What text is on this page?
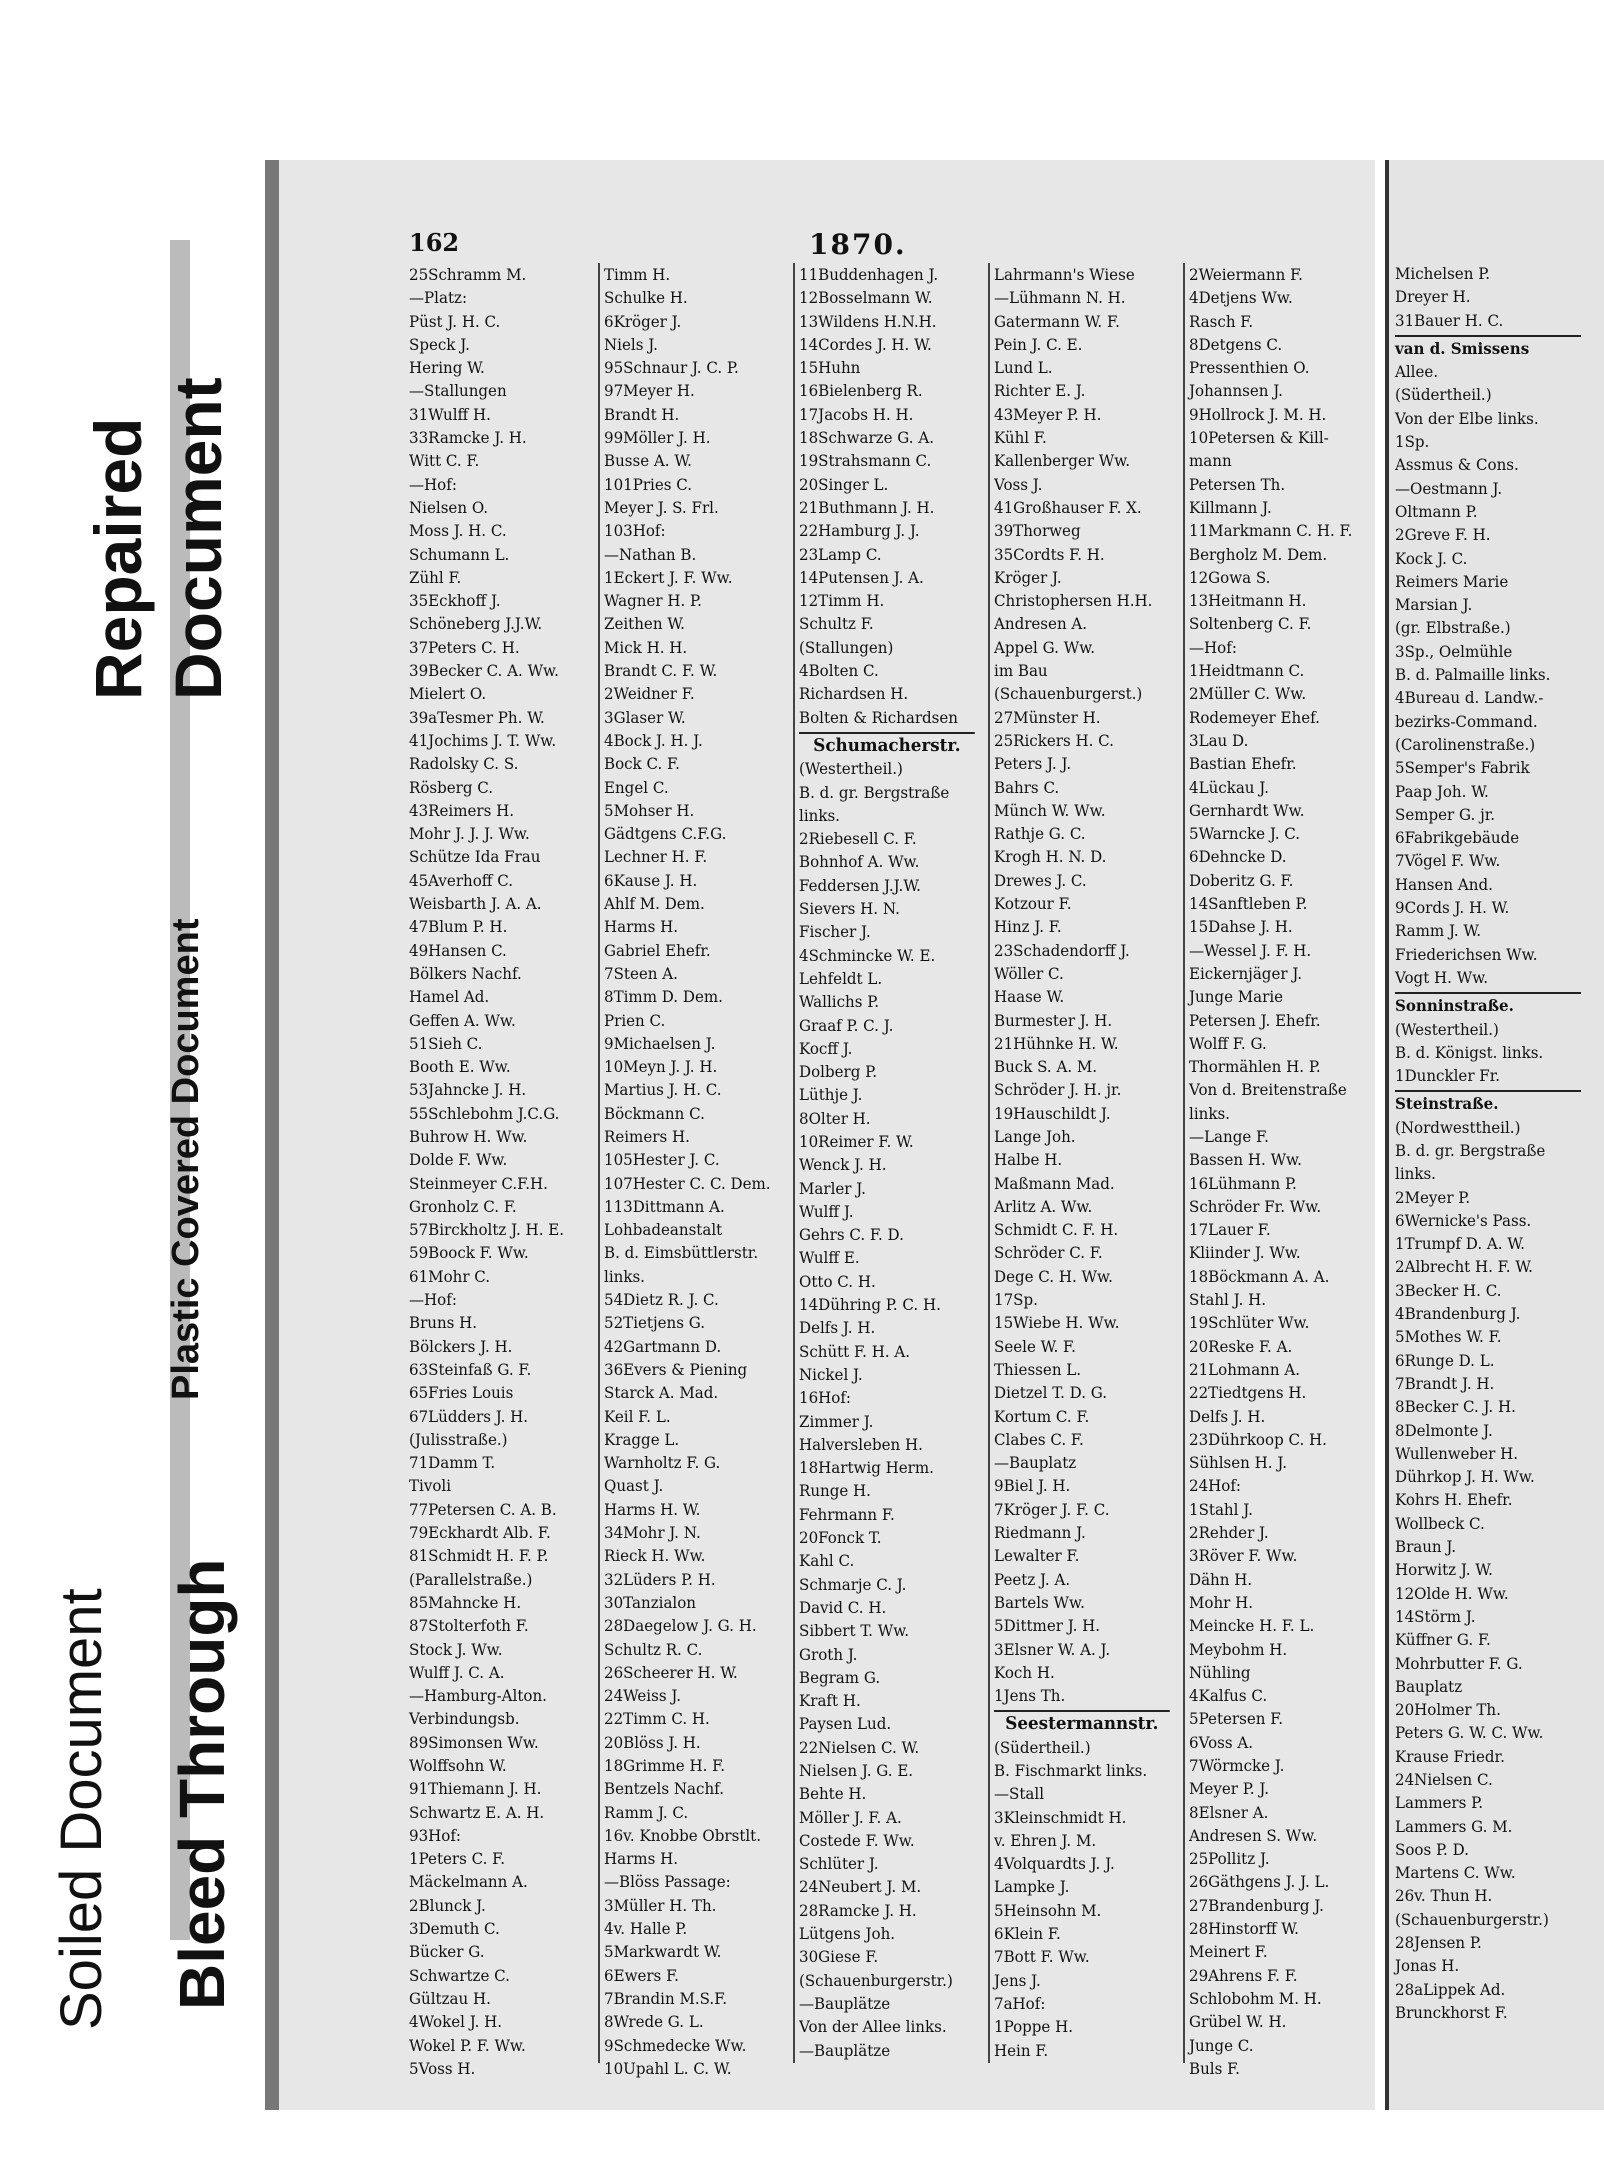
Soiled Document Bleed Through
Plastic Covered Document
Repaired Document
162	1870.
25Schramm M.
—Platz:
Püst J. H. C.
Speck J.
Hering W.
—Stallungen
31Wulff H.
33Ramcke J. H.
Witt C. F.
—Hof:
Nielsen O.
Moss J. H. C.
Schumann L.
Zühl F.
35Eckhoff J.
Schöneberg J.J.W.
37Peters C. H.
39Becker C. A. Ww.
Mielert O.
39aTesmer Ph. W.
41Jochims J. T. Ww.
Radolsky C. S.
Rösberg C.
43Reimers H.
Mohr J. J. J. Ww.
Schütze Ida Frau
45Averhoff C.
Weisbarth J. A. A.
47Blum P. H.
49Hansen C.
Bölkers Nachf.
Hamel Ad.
Geffen A. Ww.
51Sieh C.
Booth E. Ww.
53Jahncke J. H.
55Schlebohm J.C.G.
Buhrow H. Ww.
Dolde F. Ww.
Steinmeyer C.F.H.
Gronholz C. F.
57Birckholtz J. H. E.
59Boock F. Ww.
61Mohr C.
—Hof:
Bruns H.
Bölckers J. H.
63Steinfaß G. F.
65Fries Louis
67Lüdders J. H.
(Julisstraße.)
71Damm T.
Tivoli
77Petersen C. A. B.
79Eckhardt Alb. F.
81Schmidt H. F. P.
(Parallelstraße.)
85Mahncke H.
87Stolterfoth F.
Stock J. Ww.
Wulff J. C. A.
—Hamburg-Alton.
Verbindungsb.
89Simonsen Ww.
Wolffsohn W.
91Thiemann J. H.
Schwartz E. A. H.
93Hof:
1Peters C. F.
Mäckelmann A.
2Blunck J.
3Demuth C.
Bücker G.
Schwartze C.
Gültzau H.
4Wokel J. H.
Wokel P. F. Ww.
5Voss H.
Timm H.
Schulke H.
6Kröger J.
Niels J.
95Schnaur J. C. P.
97Meyer H.
Brandt H.
99Möller J. H.
Busse A. W.
101Pries C.
Meyer J. S. Frl.
103Hof:
—Nathan B.
1Eckert J. F. Ww.
Wagner H. P.
Zeithen W.
Mick H. H.
Brandt C. F. W.
2Weidner F.
3Glaser W.
4Bock J. H. J.
Bock C. F.
Engel C.
5Mohser H.
Gädtgens C.F.G.
Lechner H. F.
6Kause J. H.
Ahlf M. Dem.
Harms H.
Gabriel Ehefr.
7Steen A.
8Timm D. Dem.
Prien C.
9Michaelsen J.
10Meyn J. J. H.
Martius J. H. C.
Böckmann C.
Reimers H.
105Hester J. C.
107Hester C. C. Dem.
113Dittmann A.
Lohbadeanstalt
B. d. Eimsbüttlerstr.
links.
54Dietz R. J. C.
52Tietjens G.
42Gartmann D.
36Evers & Piening
Starck A. Mad.
Keil F. L.
Kragge L.
Warnholtz F. G.
Quast J.
Harms H. W.
34Mohr J. N.
Rieck H. Ww.
32Lüders P. H.
30Tanzialon
28Daegelow J. G. H.
Schultz R. C.
26Scheerer H. W.
24Weiss J.
22Timm C. H.
20Blöss J. H.
18Grimme H. F.
Bentzels Nachf.
Ramm J. C.
16v. Knobbe Obrstlt.
Harms H.
—Blöss Passage:
3Müller H. Th.
4v. Halle P.
5Markwardt W.
6Ewers F.
7Brandin M.S.F.
8Wrede G. L.
9Schmedecke Ww.
10Upahl L. C. W.
11Buddenhagen J.
12Bosselmann W.
13Wildens H.N.H.
14Cordes J. H. W.
15Huhn
16Bielenberg R.
17Jacobs H. H.
18Schwarze G. A.
19Strahsmann C.
20Singer L.
21Buthmann J. H.
22Hamburg J. J.
23Lamp C.
14Putensen J. A.
12Timm H.
Schultz F.
(Stallungen)
4Bolten C.
Richardsen H.
Bolten & Richardsen
Schumacherstr.
(Westertheil.)
B. d. gr. Bergstraße
links.
2Riebesell C. F.
Bohnhof A. Ww.
Feddersen J.J.W.
Sievers H. N.
Fischer J.
4Schmincke W. E.
Lehfeldt L.
Wallichs P.
Graaf P. C. J.
Kocff J.
Dolberg P.
Lüthje J.
8Olter H.
10Reimer F. W.
Wenck J. H.
Marler J.
Wulff J.
Gehrs C. F. D.
Wulff E.
Otto C. H.
14Dühring P. C. H.
Delfs J. H.
Schütt F. H. A.
Nickel J.
16Hof:
Zimmer J.
Halversleben H.
18Hartwig Herm.
Runge H.
Fehrmann F.
20Fonck T.
Kahl C.
Schmarje C. J.
David C. H.
Sibbert T. Ww.
Groth J.
Begram G.
Kraft H.
Paysen Lud.
22Nielsen C. W.
Nielsen J. G. E.
Behte H.
Möller J. F. A.
Costede F. Ww.
Schlüter J.
24Neubert J. M.
28Ramcke J. H.
Lütgens Joh.
30Giese F.
(Schauenburgerstr.)
—Bauplätze
Von der Allee links.
—Bauplätze
Lahrmann's Wiese
—Lühmann N. H.
Gatermann W. F.
Pein J. C. E.
Lund L.
Richter E. J.
43Meyer P. H.
Kühl F.
Kallenberger Ww.
Voss J.
41Großhauser F. X.
39Thorweg
35Cordts F. H.
Kröger J.
Christophersen H.H.
Andresen A.
Appel G. Ww.
im Bau
(Schauenburgerst.)
27Münster H.
25Rickers H. C.
Peters J. J.
Bahrs C.
Münch W. Ww.
Rathje G. C.
Krogh H. N. D.
Drewes J. C.
Kotzour F.
Hinz J. F.
23Schadendorff J.
Wöller C.
Haase W.
Burmester J. H.
21Hühnke H. W.
Buck S. A. M.
Schröder J. H. jr.
19Hauschildt J.
Lange Joh.
Halbe H.
Maßmann Mad.
Arlitz A. Ww.
Schmidt C. F. H.
Schröder C. F.
Dege C. H. Ww.
17Sp.
15Wiebe H. Ww.
Seele W. F.
Thiessen L.
Dietzel T. D. G.
Kortum C. F.
Clabes C. F.
—Bauplatz
9Biel J. H.
7Kröger J. F. C.
Riedmann J.
Lewalter F.
Peetz J. A.
Bartels Ww.
5Dittmer J. H.
3Elsner W. A. J.
Koch H.
1Jens Th.
Seestermannstr.
(Südertheil.)
B. Fischmarkt links.
—Stall
3Kleinschmidt H.
v. Ehren J. M.
4Volquardts J. J.
Lampke J.
5Heinsohn M.
6Klein F.
7Bott F. Ww.
Jens J.
7aHof:
1Poppe H.
Hein F.
2Weiermann F.
4Detjens Ww.
Rasch F.
8Detgens C.
Pressenthien O.
Johannsen J.
9Hollrock J. M. H.
10Petersen & Kill-
mann
Petersen Th.
Killmann J.
11Markmann C. H. F.
Bergholz M. Dem.
12Gowa S.
13Heitmann H.
Soltenberg C. F.
—Hof:
1Heidtmann C.
2Müller C. Ww.
Rodemeyer Ehef.
3Lau D.
Bastian Ehefr.
4Lückau J.
Gernhardt Ww.
5Warncke J. C.
6Dehncke D.
Doberitz G. F.
14Sanftleben P.
15Dahse J. H.
—Wessel J. F. H.
Eickernjäger J.
Junge Marie
Petersen J. Ehefr.
Wolff F. G.
Thormählen H. P.
Von d. Breitenstraße
links.
—Lange F.
Bassen H. Ww.
16Lühmann P.
Schröder Fr. Ww.
17Lauer F.
Kliinder J. Ww.
18Böckmann A. A.
Stahl J. H.
19Schlüter Ww.
20Reske F. A.
21Lohmann A.
22Tiedtgens H.
Delfs J. H.
23Dührkoop C. H.
Sühlsen H. J.
24Hof:
1Stahl J.
2Rehder J.
3Röver F. Ww.
Dähn H.
Mohr H.
Meincke H. F. L.
Meybohm H.
Nühling
4Kalfus C.
5Petersen F.
6Voss A.
7Wörmcke J.
Meyer P. J.
8Elsner A.
Andresen S. Ww.
25Pollitz J.
26Gäthgens J. J. L.
27Brandenburg J.
28Hinstorff W.
Meinert F.
29Ahrens F. F.
Schlobohm M. H.
Grübel W. H.
Junge C.
Buls F.
Michelsen P.
Dreyer H.
31Bauer H. C.
van d. Smissens
Allee.
(Südertheil.)
Von der Elbe links.
1Sp.
Assmus & Cons.
—Oestmann J.
Oltmann P.
2Greve F. H.
Kock J. C.
Reimers Marie
Marsian J.
(gr. Elbstraße.)
3Sp., Oelmühle
B. d. Palmaille links.
4Bureau d. Landw.-
bezirks-Command.
(Carolinenstraße.)
5Semper's Fabrik
Paap Joh. W.
Semper G. jr.
6Fabrikgebäude
7Vögel F. Ww.
Hansen And.
9Cords J. H. W.
Ramm J. W.
Friederichsen Ww.
Vogt H. Ww.
Sonninstraße.
(Westertheil.)
B. d. Königst. links.
1Dunckler Fr.
Steinstraße.
(Nordwesttheil.)
B. d. gr. Bergstraße
links.
2Meyer P.
6Wernicke's Pass.
1Trumpf D. A. W.
2Albrecht H. F. W.
3Becker H. C.
4Brandenburg J.
5Mothes W. F.
6Runge D. L.
7Brandt J. H.
8Becker C. J. H.
8Delmonte J.
Wullenweber H.
Dührkop J. H. Ww.
Kohrs H. Ehefr.
Wollbeck C.
Braun J.
Horwitz J. W.
12Olde H. Ww.
14Störm J.
Küffner G. F.
Mohrbutter F. G.
Bauplatz
20Holmer Th.
Peters G. W. C. Ww.
Krause Friedr.
24Nielsen C.
Lammers P.
Lammers G. M.
Soos P. D.
Martens C. Ww.
26v. Thun H.
(Schauenburgerstr.)
28Jensen P.
Jonas H.
28aLippek Ad.
Brunckhorst F.
